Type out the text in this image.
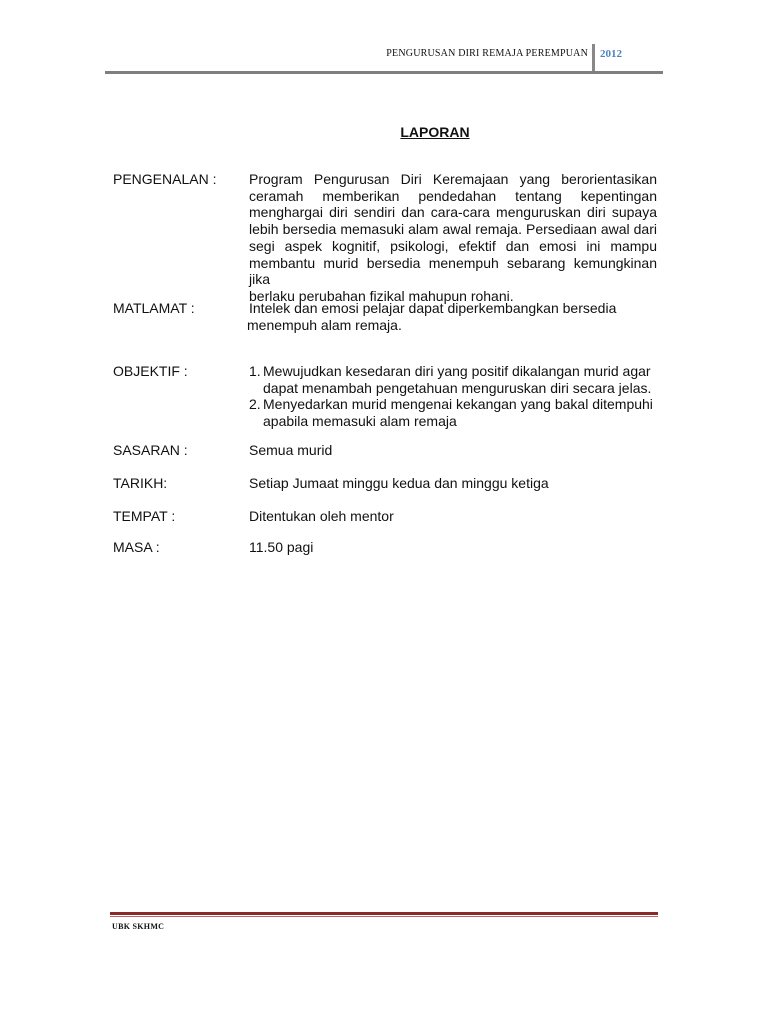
PENGURUSAN DIRI REMAJA PEREMPUAN 2012
LAPORAN
PENGENALAN :	Program Pengurusan Diri Keremajaan yang berorientasikan
ceramah memberikan pendedahan tentang kepentingan
menghargai diri sendiri dan cara-cara menguruskan diri supaya
lebih bersedia memasuki alam awal remaja. Persediaan awal dari
segi aspek kognitif, psikologi, efektif dan emosi ini mampu
membantu murid bersedia menempuh sebarang kemungkinan jika
berlaku perubahan fizikal mahupun rohani.
MATLAMAT :	Intelek dan emosi pelajar dapat diperkembangkan bersedia
menempuh alam remaja.
OBJEKTIF :	1. Mewujudkan kesedaran diri yang positif dikalangan murid agar dapat menambah pengetahuan menguruskan diri secara jelas.
2. Menyedarkan murid mengenai kekangan yang bakal ditempuhi apabila memasuki alam remaja
SASARAN :	Semua murid
TARIKH:	Setiap Jumaat minggu kedua dan minggu ketiga
TEMPAT :	Ditentukan oleh mentor
MASA :	11.50 pagi
UBK SKHMC
